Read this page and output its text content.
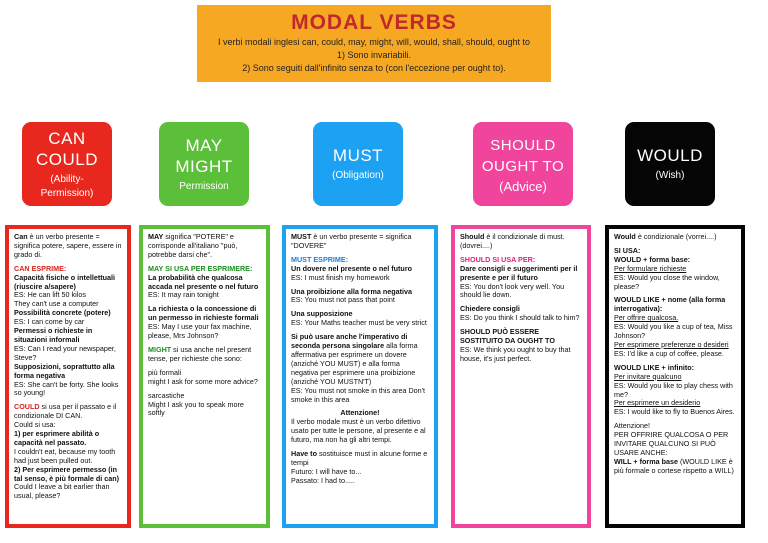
MODAL VERBS

I verbi modali inglesi can, could, may, might, will, would, shall, should, ought to

1) Sono invariabili.

2) Sono seguiti dall'infinito senza to (con l'eccezione per ought to).

CAN COULD
(Ability- Permission)
MAY MIGHT
Permission
MUST
(Obligation)
SHOULD OUGHT TO
(Advice)
WOULD
(Wish)

Can è un verbo presente = significa potere, sapere, essere in grado di.

CAN ESPRIME:
Capacità fisiche o intellettuali (riuscire a/sapere)
ES: He can lift 50 kilos
They can't use a computer
Possibilità concrete (potere)
ES: I can come by car
Permessi o richieste in situazioni informali
ES: Can I read your newspaper, Steve?
Supposizioni, soprattutto alla forma negativa
ES: She can't be forty. She looks so young!

COULD si usa per il passato e il condizionale DI CAN.
Could si usa:
1) per esprimere abilità o capacità nel passato.
I couldn't eat, because my tooth had just been pulled out.
2) Per esprimere permesso (in tal senso, è più formale di can)
Could I leave a bit earlier than usual, please?

MAY significa "POTERE" e corrisponde all'italiano "può, potrebbe darsi che".

MAY SI USA PER ESPRIMERE:
La probabilità che qualcosa accada nel presente o nel futuro
ES: It may rain tonight

La richiesta o la concessione di un permesso in richieste formali
ES: May I use your fax machine, please, Mrs Johnson?

MIGHT si usa anche nel present tense, per richieste che sono:

più formali
might I ask for some more advice?

sarcastiche
Might I ask you to speak more softly

MUST è un verbo presente = significa "DOVERE"

MUST ESPRIME:
Un dovere nel presente o nel futuro
ES: I must finish my homework

Una proibizione alla forma negativa
ES: You must not pass that point

Una supposizione
ES: Your Maths teacher must be very strict

Si può usare anche l'imperativo di seconda persona singolare alla forma affermativa per esprimere un dovere (anziché YOU MUST) e alla forma negativa per esprimere una proibizione (anziché YOU MUSTN'T)
ES: You must not smoke in this area Don't smoke in this area

Attenzione!

Il verbo modale must è un verbo difettivo usato per tutte le persone, al presente e al futuro, ma non ha gli altri tempi.

Have to sostituisce must in alcune forme e tempi
Futuro: I will have to...
Passato: I had to.....

Should è il condizionale di must. (dovrei....)

SHOULD SI USA PER:
Dare consigli e suggerimenti per il presente e per il futuro
ES: You don't look very well. You should lie down.

Chiedere consigli
ES: Do you think I should talk to him?

SHOULD PUÒ ESSERE SOSTITUITO DA OUGHT TO
ES: We think you ought to buy that house, it's just perfect.

Would è condizionale (vorrei....)

SI USA:
WOULD + forma base:
Per formulare richieste
ES: Would you close the window, please?

WOULD LIKE + nome (alla forma interrogativa):
Per offrire qualcosa.
ES: Would you like a cup of tea, Miss Johnson?
Per esprimere preferenze o desideri
ES: I'd like a cup of coffee, please.

WOULD LIKE + infinito:
Per invitare qualcuno
ES: Would you like to play chess with me?
Per esprimere un desiderio
ES: I would like to fly to Buenos Aires.

Attenzione!
PER OFFRIRE QUALCOSA O PER INVITARE QUALCUNO SI PUÒ USARE ANCHE:
WILL + forma base (WOULD LIKE è più formale o cortese rispetto a WILL)
